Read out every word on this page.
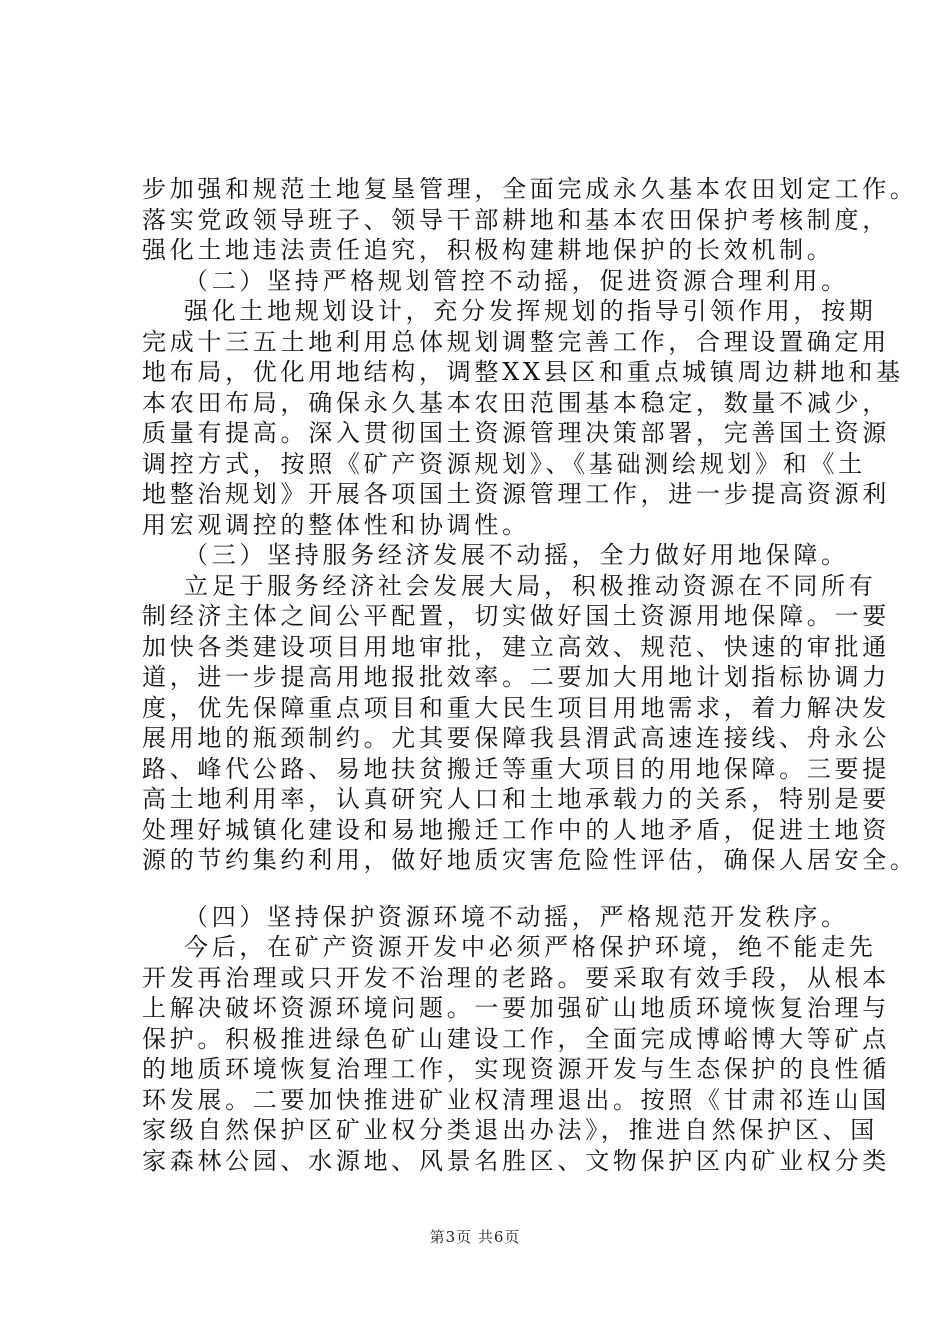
步加强和规范土地复垦管理，全面完成永久基本农田划定工作。
落实党政领导班子、领导干部耕地和基本农田保护考核制度，
强化土地违法责任追究，积极构建耕地保护的长效机制。
（二）坚持严格规划管控不动摇，促进资源合理利用。
强化土地规划设计，充分发挥规划的指导引领作用，按期
完成十三五土地利用总体规划调整完善工作，合理设置确定用
地布局，优化用地结构，调整XX县区和重点城镇周边耕地和基
本农田布局，确保永久基本农田范围基本稳定，数量不减少，
质量有提高。深入贯彻国土资源管理决策部署，完善国土资源
调控方式，按照《矿产资源规划》、《基础测绘规划》和《土
地整治规划》开展各项国土资源管理工作，进一步提高资源利
用宏观调控的整体性和协调性。
（三）坚持服务经济发展不动摇，全力做好用地保障。
立足于服务经济社会发展大局，积极推动资源在不同所有
制经济主体之间公平配置，切实做好国土资源用地保障。一要
加快各类建设项目用地审批，建立高效、规范、快速的审批通
道，进一步提高用地报批效率。二要加大用地计划指标协调力
度，优先保障重点项目和重大民生项目用地需求，着力解决发
展用地的瓶颈制约。尤其要保障我县渭武高速连接线、舟永公
路、峰代公路、易地扶贫搬迁等重大项目的用地保障。三要提
高土地利用率，认真研究人口和土地承载力的关系，特别是要
处理好城镇化建设和易地搬迁工作中的人地矛盾，促进土地资
源的节约集约利用，做好地质灾害危险性评估，确保人居安全。
（四）坚持保护资源环境不动摇，严格规范开发秩序。
今后，在矿产资源开发中必须严格保护环境，绝不能走先
开发再治理或只开发不治理的老路。要采取有效手段，从根本
上解决破坏资源环境问题。一要加强矿山地质环境恢复治理与
保护。积极推进绿色矿山建设工作，全面完成博峪博大等矿点
的地质环境恢复治理工作，实现资源开发与生态保护的良性循
环发展。二要加快推进矿业权清理退出。按照《甘肃祁连山国
家级自然保护区矿业权分类退出办法》，推进自然保护区、国
家森林公园、水源地、风景名胜区、文物保护区内矿业权分类
第3页 共6页
